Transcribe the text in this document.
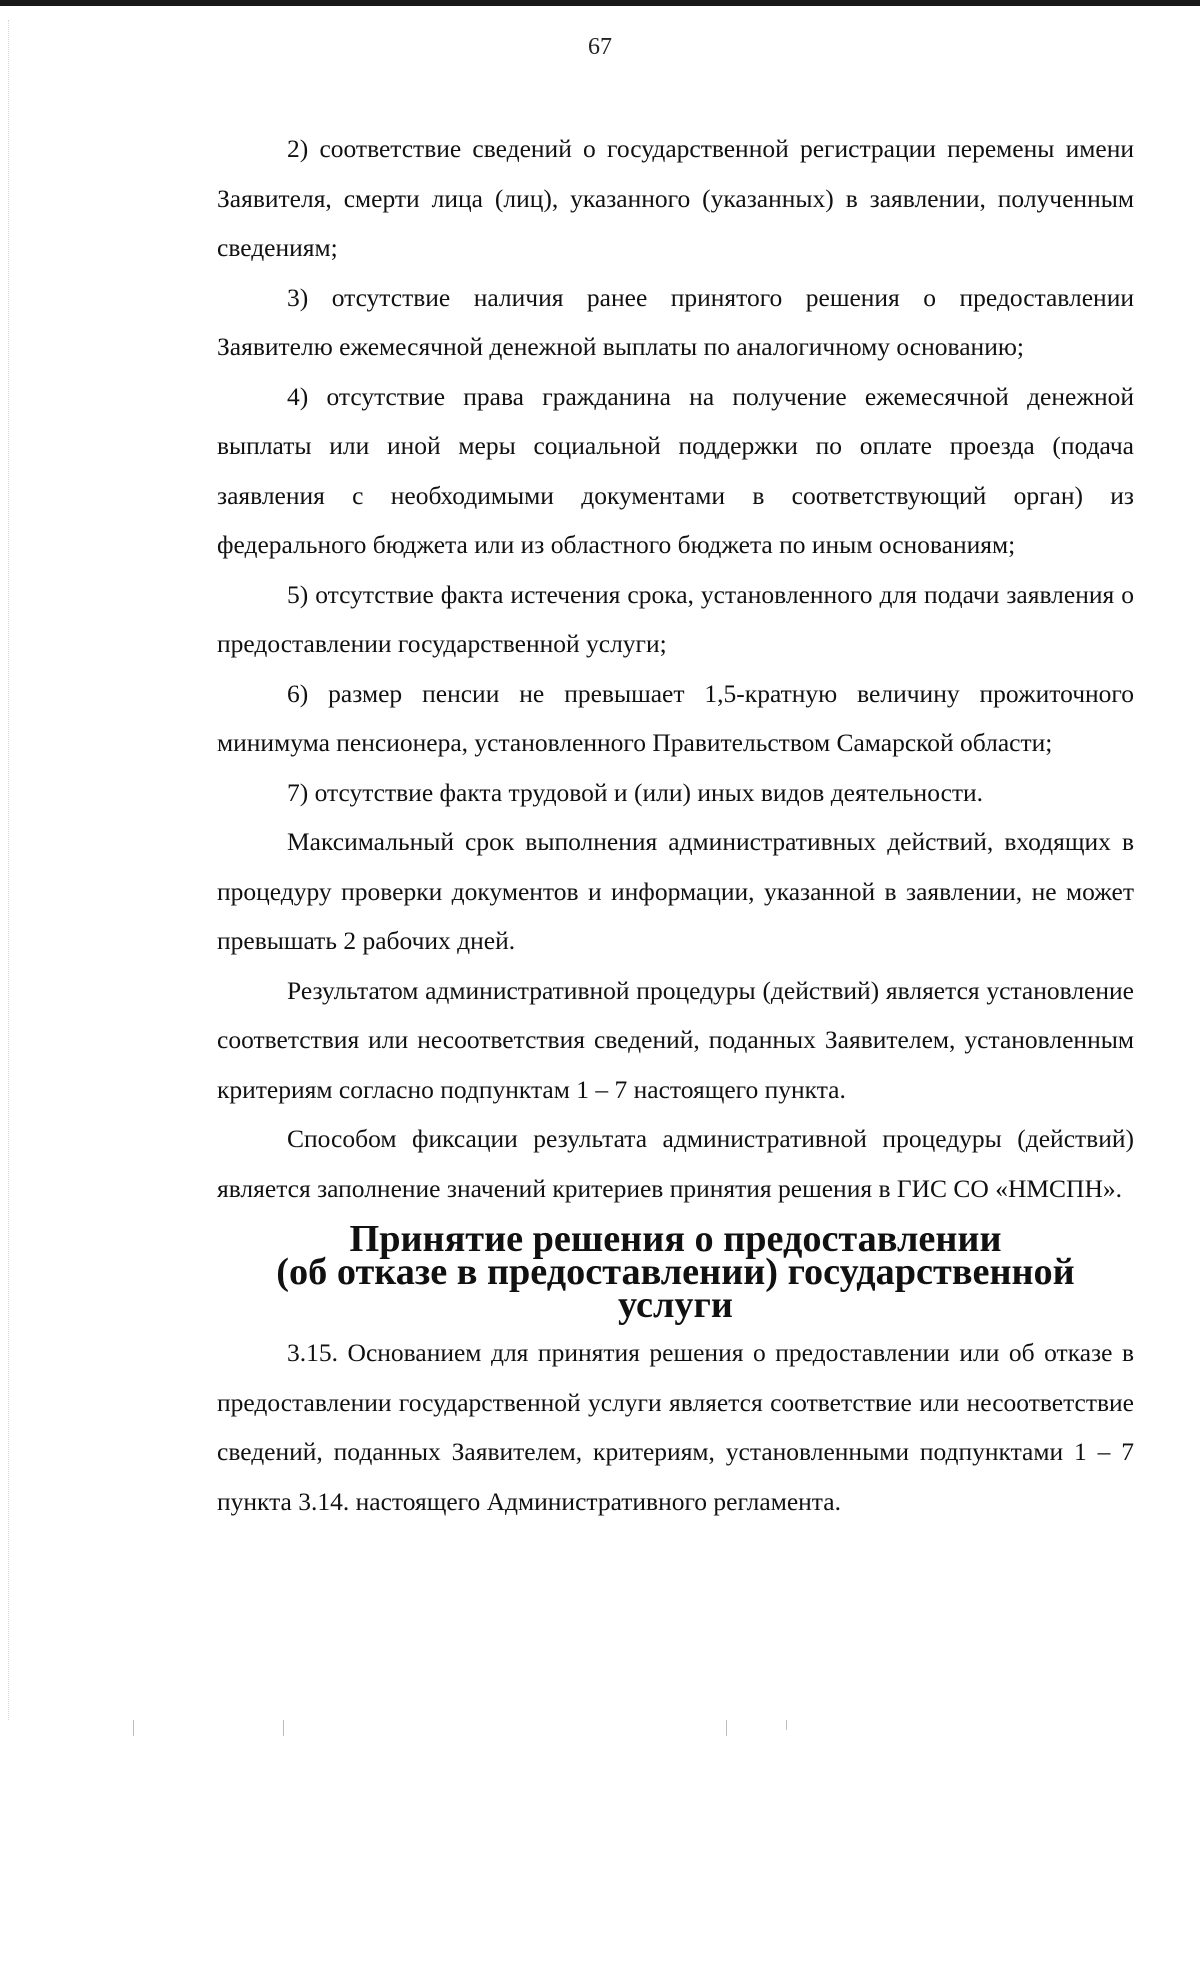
67

2) соответствие сведений о государственной регистрации перемены имени Заявителя, смерти лица (лиц), указанного (указанных) в заявлении, полученным сведениям;

3) отсутствие наличия ранее принятого решения о предоставлении Заявителю ежемесячной денежной выплаты по аналогичному основанию;

4) отсутствие права гражданина на получение ежемесячной денежной выплаты или иной меры социальной поддержки по оплате проезда (подача заявления с необходимыми документами в соответствующий орган) из федерального бюджета или из областного бюджета по иным основаниям;

5) отсутствие факта истечения срока, установленного для подачи заявления о предоставлении государственной услуги;

6) размер пенсии не превышает 1,5-кратную величину прожиточного минимума пенсионера, установленного Правительством Самарской области;

7) отсутствие факта трудовой и (или) иных видов деятельности.

Максимальный срок выполнения административных действий, входящих в процедуру проверки документов и информации, указанной в заявлении, не может превышать 2 рабочих дней.

Результатом административной процедуры (действий) является установление соответствия или несоответствия сведений, поданных Заявителем, установленным критериям согласно подпунктам 1 – 7 настоящего пункта.

Способом фиксации результата административной процедуры (действий) является заполнение значений критериев принятия решения в ГИС СО «НМСПН».

Принятие решения о предоставлении
(об отказе в предоставлении) государственной услуги

3.15. Основанием для принятия решения о предоставлении или об отказе в предоставлении государственной услуги является соответствие или несоответствие сведений, поданных Заявителем, критериям, установленными подпунктами 1 – 7 пункта 3.14. настоящего Административного регламента.
